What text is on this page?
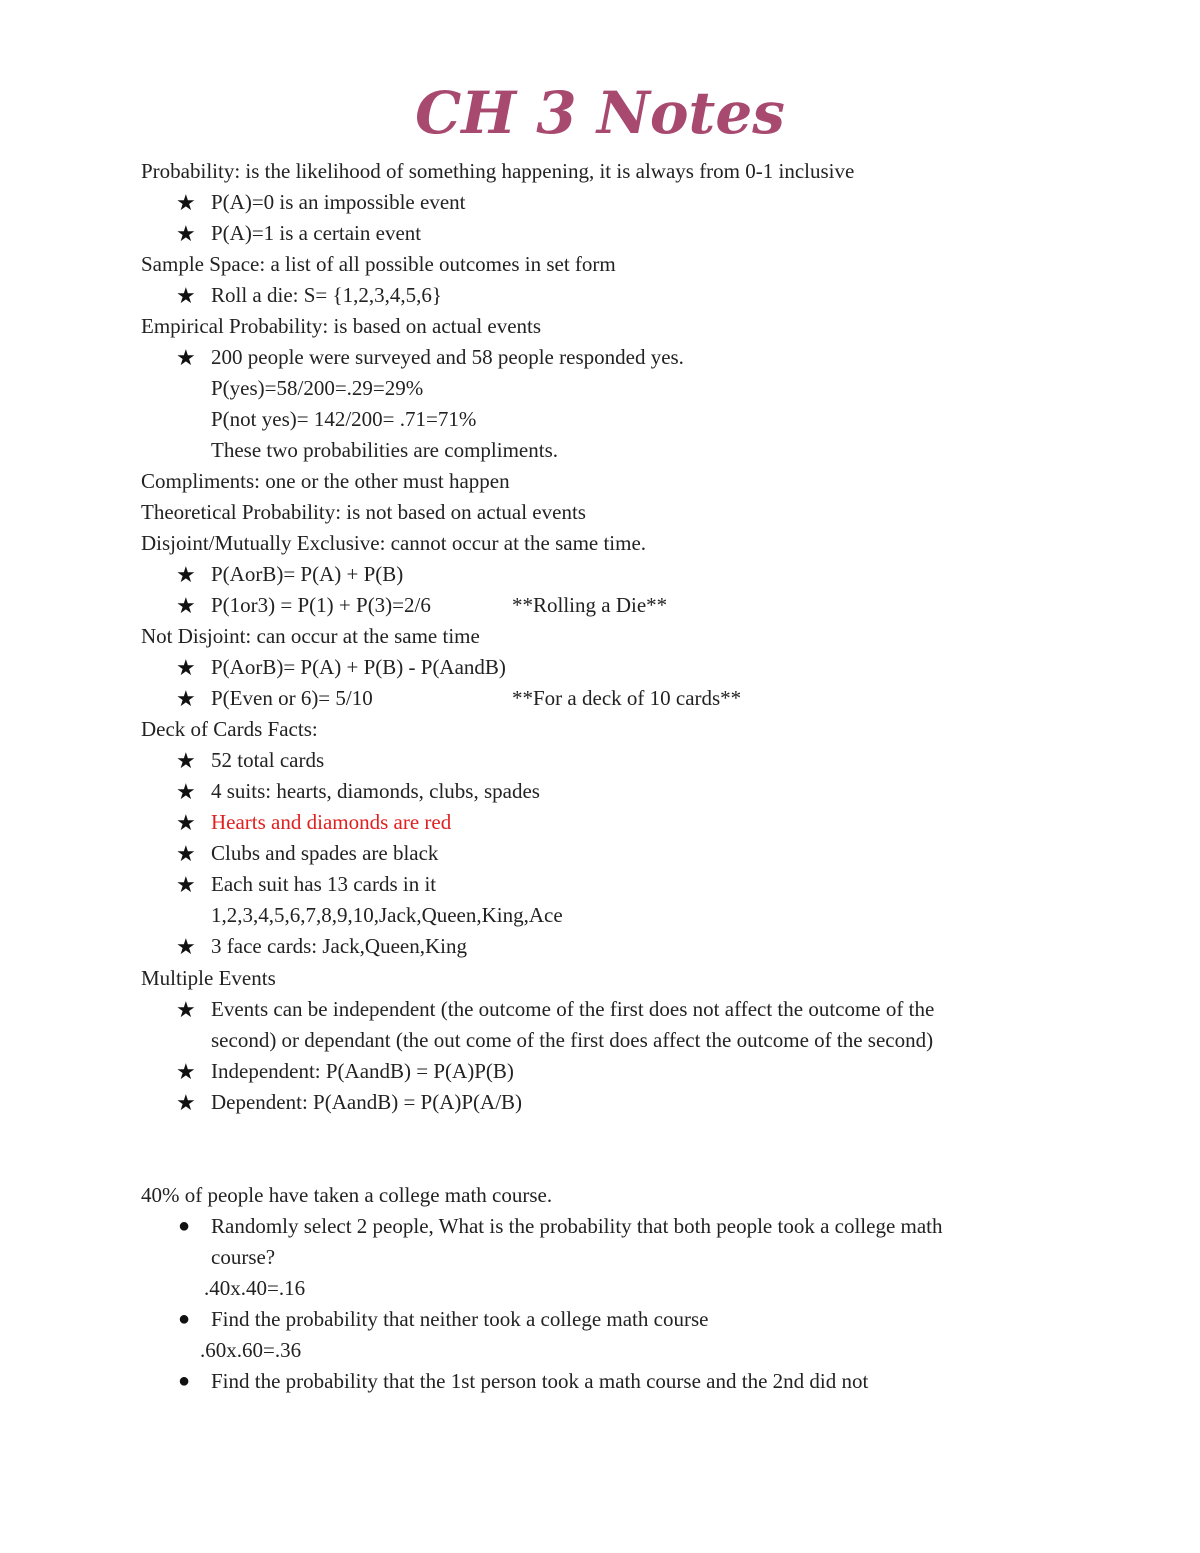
CH 3 Notes
Probability: is the likelihood of something happening, it is always from 0-1 inclusive
★ P(A)=0 is an impossible event
★ P(A)=1 is a certain event
Sample Space: a list of all possible outcomes in set form
★ Roll a die: S= {1,2,3,4,5,6}
Empirical Probability: is based on actual events
★ 200 people were surveyed and 58 people responded yes.
P(yes)=58/200=.29=29%
P(not yes)= 142/200= .71=71%
These two probabilities are compliments.
Compliments: one or the other must happen
Theoretical Probability: is not based on actual events
Disjoint/Mutually Exclusive: cannot occur at the same time.
★ P(AorB)= P(A) + P(B)
★ P(1or3) = P(1) + P(3)=2/6	**Rolling a Die**
Not Disjoint: can occur at the same time
★ P(AorB)= P(A) + P(B) - P(AandB)
★ P(Even or 6)= 5/10	**For a deck of 10 cards**
Deck of Cards Facts:
★ 52 total cards
★ 4 suits: hearts, diamonds, clubs, spades
★ Hearts and diamonds are red
★ Clubs and spades are black
★ Each suit has 13 cards in it
1,2,3,4,5,6,7,8,9,10,Jack,Queen,King,Ace
★ 3 face cards: Jack,Queen,King
Multiple Events
★ Events can be independent (the outcome of the first does not affect the outcome of the
second) or dependant (the out come of the first does affect the outcome of the second)
★ Independent: P(AandB) = P(A)P(B)
★ Dependent: P(AandB) = P(A)P(A/B)
40% of people have taken a college math course.
● Randomly select 2 people, What is the probability that both people took a college math
course?
.40x.40=.16
● Find the probability that neither took a college math course
.60x.60=.36
● Find the probability that the 1st person took a math course and the 2nd did not
